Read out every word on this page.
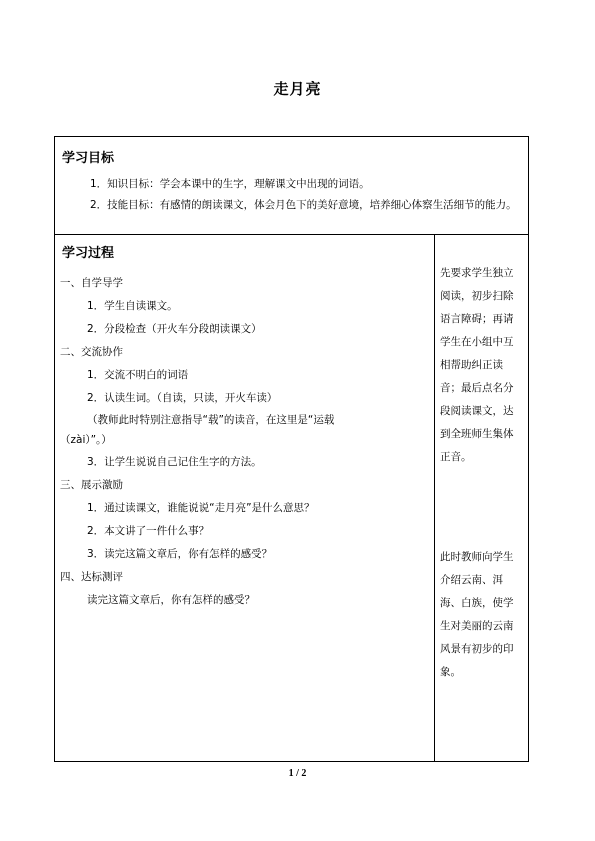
走月亮
学习目标
1．知识目标：学会本课中的生字，理解课文中出现的词语。
2．技能目标：有感情的朗读课文，体会月色下的美好意境，培养细心体察生活细节的能力。
学习过程
一、自学导学
1．学生自读课文。
2．分段检查（开火车分段朗读课文）
二、交流协作
1．交流不明白的词语
2．认读生词。（自读，只读，开火车读）
（教师此时特别注意指导“载”的读音，在这里是“运载
（zài）”。）
3．让学生说说自己记住生字的方法。
三、展示激励
1．通过读课文，谁能说说“走月亮”是什么意思？
2．本文讲了一件什么事？
3．读完这篇文章后，你有怎样的感受？
四、达标测评
读完这篇文章后，你有怎样的感受？

先要求学生独立阅读，初步扫除语言障碍；再请学生在小组中互相帮助纠正读音；最后点名分段阅读课文，达到全班师生集体正音。

此时教师向学生介绍云南、洱海、白族，使学生对美丽的云南风景有初步的印象。

1 / 2
